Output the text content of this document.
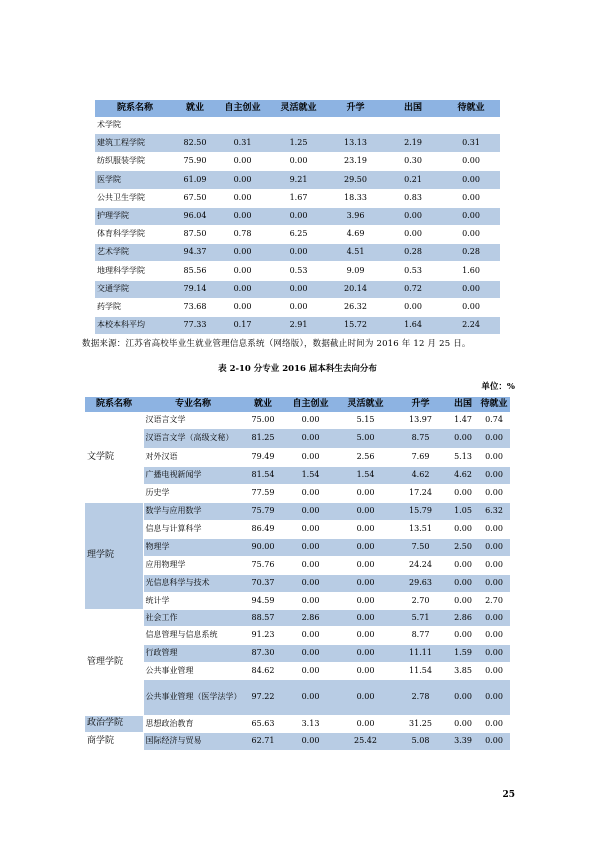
院系名称	就业	自主创业	灵活就业	升学	出国	待就业
术学院						
建筑工程学院	82.50	0.31	1.25	13.13	2.19	0.31
纺织服装学院	75.90	0.00	0.00	23.19	0.30	0.00
医学院	61.09	0.00	9.21	29.50	0.21	0.00
公共卫生学院	67.50	0.00	1.67	18.33	0.83	0.00
护理学院	96.04	0.00	0.00	3.96	0.00	0.00
体育科学学院	87.50	0.78	6.25	4.69	0.00	0.00
艺术学院	94.37	0.00	0.00	4.51	0.28	0.28
地理科学学院	85.56	0.00	0.53	9.09	0.53	1.60
交通学院	79.14	0.00	0.00	20.14	0.72	0.00
药学院	73.68	0.00	0.00	26.32	0.00	0.00
本校本科平均	77.33	0.17	2.91	15.72	1.64	2.24
数据来源：江苏省高校毕业生就业管理信息系统（网络版），数据截止时间为 2016 年 12 月 25 日。
表 2-10 分专业 2016 届本科生去向分布
单位：%
院系名称	专业名称	就业	自主创业	灵活就业	升学	出国	待就业
文学院	汉语言文学	75.00	0.00	5.15	13.97	1.47	0.74
	汉语言文学（高级文秘）	81.25	0.00	5.00	8.75	0.00	0.00
	对外汉语	79.49	0.00	2.56	7.69	5.13	0.00
	广播电视新闻学	81.54	1.54	1.54	4.62	4.62	0.00
	历史学	77.59	0.00	0.00	17.24	0.00	0.00
理学院	数学与应用数学	75.79	0.00	0.00	15.79	1.05	6.32
	信息与计算科学	86.49	0.00	0.00	13.51	0.00	0.00
	物理学	90.00	0.00	0.00	7.50	2.50	0.00
	应用物理学	75.76	0.00	0.00	24.24	0.00	0.00
	光信息科学与技术	70.37	0.00	0.00	29.63	0.00	0.00
	统计学	94.59	0.00	0.00	2.70	0.00	2.70
管理学院	社会工作	88.57	2.86	0.00	5.71	2.86	0.00
	信息管理与信息系统	91.23	0.00	0.00	8.77	0.00	0.00
	行政管理	87.30	0.00	0.00	11.11	1.59	0.00
	公共事业管理	84.62	0.00	0.00	11.54	3.85	0.00
	公共事业管理（医学法学）	97.22	0.00	0.00	2.78	0.00	0.00
政治学院	思想政治教育	65.63	3.13	0.00	31.25	0.00	0.00
商学院	国际经济与贸易	62.71	0.00	25.42	5.08	3.39	0.00
25
